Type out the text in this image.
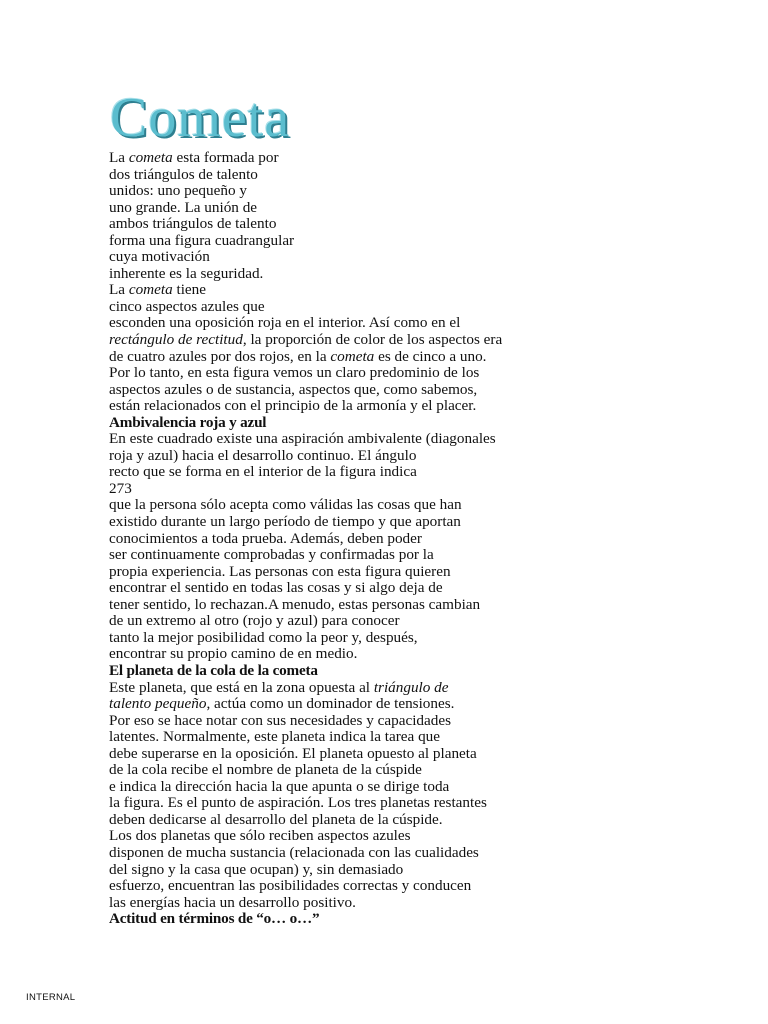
Cometa
La cometa esta formada por
dos triángulos de talento
unidos: uno pequeño y
uno grande. La unión de
ambos triángulos de talento
forma una figura cuadrangular
cuya motivación
inherente es la seguridad.
La cometa tiene
cinco aspectos azules que
esconden una oposición roja en el interior. Así como en el
rectángulo de rectitud, la proporción de color de los aspectos era
de cuatro azules por dos rojos, en la cometa es de cinco a uno.
Por lo tanto, en esta figura vemos un claro predominio de los
aspectos azules o de sustancia, aspectos que, como sabemos,
están relacionados con el principio de la armonía y el placer.
Ambivalencia roja y azul
En este cuadrado existe una aspiración ambivalente (diagonales
roja y azul) hacia el desarrollo continuo. El ángulo
recto que se forma en el interior de la figura indica
273
que la persona sólo acepta como válidas las cosas que han
existido durante un largo período de tiempo y que aportan
conocimientos a toda prueba. Además, deben poder
ser continuamente comprobadas y confirmadas por la
propia experiencia. Las personas con esta figura quieren
encontrar el sentido en todas las cosas y si algo deja de
tener sentido, lo rechazan.A menudo, estas personas cambian
de un extremo al otro (rojo y azul) para conocer
tanto la mejor posibilidad como la peor y, después,
encontrar su propio camino de en medio.
El planeta de la cola de la cometa
Este planeta, que está en la zona opuesta al triángulo de
talento pequeño, actúa como un dominador de tensiones.
Por eso se hace notar con sus necesidades y capacidades
latentes. Normalmente, este planeta indica la tarea que
debe superarse en la oposición. El planeta opuesto al planeta
de la cola recibe el nombre de planeta de la cúspide
e indica la dirección hacia la que apunta o se dirige toda
la figura. Es el punto de aspiración. Los tres planetas restantes
deben dedicarse al desarrollo del planeta de la cúspide.
Los dos planetas que sólo reciben aspectos azules
disponen de mucha sustancia (relacionada con las cualidades
del signo y la casa que ocupan) y, sin demasiado
esfuerzo, encuentran las posibilidades correctas y conducen
las energías hacia un desarrollo positivo.
Actitud en términos de “o… o…”
INTERNAL
